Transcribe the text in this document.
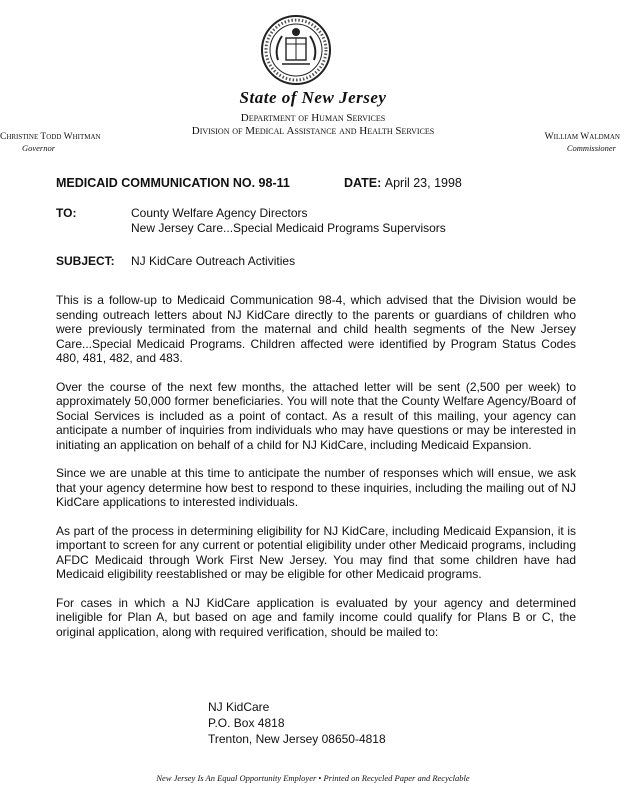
State of New Jersey
Department of Human Services
Division of Medical Assistance and Health Services
Christine Todd Whitman
Governor
William Waldman
Commissioner
MEDICAID COMMUNICATION NO. 98-11	DATE: April 23, 1998
TO:	County Welfare Agency Directors
New Jersey Care...Special Medicaid Programs Supervisors
SUBJECT: NJ KidCare Outreach Activities

This is a follow-up to Medicaid Communication 98-4, which advised that the Division would be sending outreach letters about NJ KidCare directly to the parents or guardians of children who were previously terminated from the maternal and child health segments of the New Jersey Care...Special Medicaid Programs. Children affected were identified by Program Status Codes 480, 481, 482, and 483.

Over the course of the next few months, the attached letter will be sent (2,500 per week) to approximately 50,000 former beneficiaries. You will note that the County Welfare Agency/Board of Social Services is included as a point of contact. As a result of this mailing, your agency can anticipate a number of inquiries from individuals who may have questions or may be interested in initiating an application on behalf of a child for NJ KidCare, including Medicaid Expansion.

Since we are unable at this time to anticipate the number of responses which will ensue, we ask that your agency determine how best to respond to these inquiries, including the mailing out of NJ KidCare applications to interested individuals.

As part of the process in determining eligibility for NJ KidCare, including Medicaid Expansion, it is important to screen for any current or potential eligibility under other Medicaid programs, including AFDC Medicaid through Work First New Jersey. You may find that some children have had Medicaid eligibility reestablished or may be eligible for other Medicaid programs.

For cases in which a NJ KidCare application is evaluated by your agency and determined ineligible for Plan A, but based on age and family income could qualify for Plans B or C, the original application, along with required verification, should be mailed to:

NJ KidCare
P.O. Box 4818
Trenton, New Jersey 08650-4818
New Jersey Is An Equal Opportunity Employer • Printed on Recycled Paper and Recyclable
